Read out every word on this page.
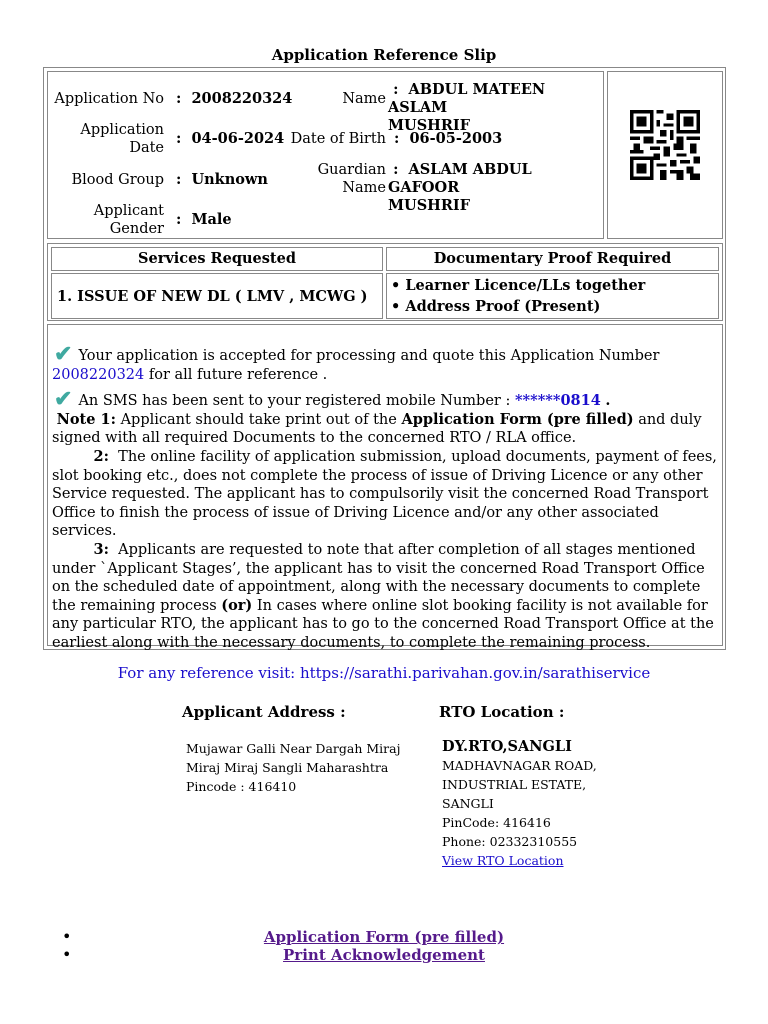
Application Reference Slip
Application No : 2008220324
Application
Date
: 04-06-2024
Blood Group : Unknown
Applicant
Gender
: Male
Name
: ABDUL MATEEN ASLAM
MUSHRIF
Date of Birth : 06-05-2003
Guardian
Name
: ASLAM ABDUL GAFOOR
MUSHRIF
Services Requested	Documentary Proof Required
1. ISSUE OF NEW DL ( LMV , MCWG )
• Learner Licence/LLs together
• Address Proof (Present)
✔ Your application is accepted for processing and quote this Application Number 2008220324 for all future reference .
✔ An SMS has been sent to your registered mobile Number : ******0814 .
Note 1: Applicant should take print out of the Application Form (pre filled) and duly signed with all required Documents to the concerned RTO / RLA office.
2: The online facility of application submission, upload documents, payment of fees, slot booking etc., does not complete the process of issue of Driving Licence or any other Service requested. The applicant has to compulsorily visit the concerned Road Transport Office to finish the process of issue of Driving Licence and/or any other associated services.
3: Applicants are requested to note that after completion of all stages mentioned under `Applicant Stages’, the applicant has to visit the concerned Road Transport Office on the scheduled date of appointment, along with the necessary documents to complete the remaining process (or) In cases where online slot booking facility is not available for any particular RTO, the applicant has to go to the concerned Road Transport Office at the earliest along with the necessary documents, to complete the remaining process.
For any reference visit: https://sarathi.parivahan.gov.in/sarathiservice
Applicant Address :
Mujawar Galli Near Dargah Miraj
Miraj Miraj Sangli Maharashtra
Pincode : 416410
RTO Location :
DY.RTO,SANGLI
MADHAVNAGAR ROAD,
INDUSTRIAL ESTATE,
SANGLI
PinCode: 416416
Phone: 02332310555
View RTO Location
• Application Form (pre filled)
• Print Acknowledgement
